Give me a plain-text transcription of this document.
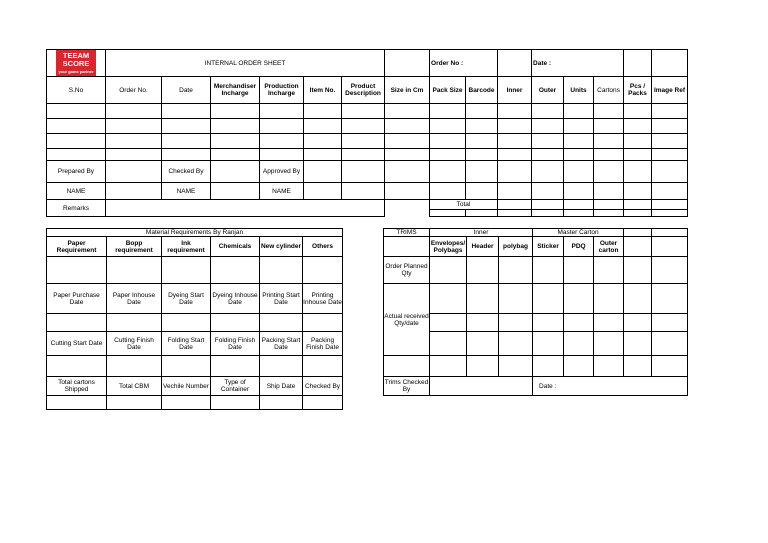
TEEAM
SCORE
your game partner	INTERNAL ORDER SHEET							Order No :			Date :				
S.No	Order No.	Date	Merchandiser Incharge	Production Incharge	Item No.	Product Description	Size in Cm	Pack Size	Barcode	Inner	Outer	Units	Cartons	Pcs / Packs	Image Ref

Prepared By		Checked By		Approved By											
NAME		NAME		NAME											
Remarks								Total							

Material Requirements By Ranjan					
Paper Requirement	Bopp requirement	Ink requirement	Chemicals	New cylinder	Others

Paper Purchase Date	Paper Inhouse Date	Dyeing Start Date	Dyeing Inhouse Date	Printing Start Date	Printing Inhouse Date

Cutting Start Date	Cutting Finish Date	Folding Start Date	Folding Finish Date	Packing Start Date	Packing Finish Date

Total cartons Shipped	Total CBM	Vechile Number	Type of Container	Ship Date	Checked By

TRIMS	Inner			Master Carton				
	Envelopes/ Polybags	Header	polybag	Sticker	PDQ	Outer carton		
Order Planned Qty								
Actual received Qty/date								

Trims Checked By				Date :				
